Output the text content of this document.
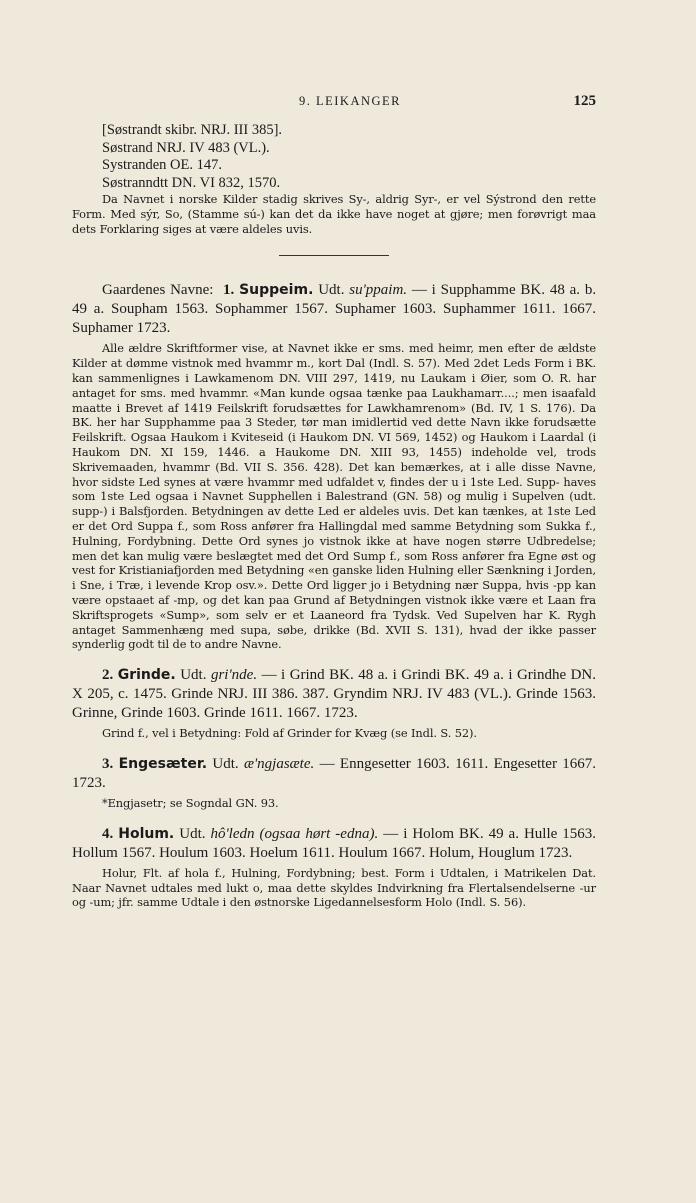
9. LEIKANGER	125
[Søstrandt skibr. NRJ. III 385].
Søstrand NRJ. IV 483 (VL.).
Systranden OE. 147.
Søstranndtt DN. VI 832, 1570.

Da Navnet i norske Kilder stadig skrives Sy-, aldrig Syr-, er vel Sýstrond den rette Form. Med sýr, So, (Stamme sú-) kan det da ikke have noget at gjøre; men forøvrigt maa dets Forklaring siges at være aldeles uvis.

Gaardenes Navne: 1. Suppeim. Udt. su'ppaim. — i Supphamme BK. 48 a. b. 49 a. Soupham 1563. Sophammer 1567. Suphamer 1603. Suphammer 1611. 1667. Suphamer 1723.

Alle ældre Skriftformer vise, at Navnet ikke er sms. med heimr, men efter de ældste Kilder at dømme vistnok med hvammr m., kort Dal (Indl. S. 57). Med 2det Leds Form i BK. kan sammenlignes i Lawkamenom DN. VIII 297, 1419, nu Laukam i Øier, som O. R. har antaget for sms. med hvammr. «Man kunde ogsaa tænke paa Laukhamarr....; men isaafald maatte i Brevet af 1419 Feilskrift forudsættes for Lawkhamrenom» (Bd. IV, 1 S. 176). Da BK. her har Supphamme paa 3 Steder, tør man imidlertid ved dette Navn ikke forudsætte Feilskrift. Ogsaa Haukom i Kviteseid (i Haukom DN. VI 569, 1452) og Haukom i Laardal (i Haukom DN. XI 159, 1446. a Haukome DN. XIII 93, 1455) indeholde vel, trods Skrivemaaden, hvammr (Bd. VII S. 356. 428). Det kan bemærkes, at i alle disse Navne, hvor sidste Led synes at være hvammr med udfaldet v, findes der u i 1ste Led. Supp- haves som 1ste Led ogsaa i Navnet Supphellen i Balestrand (GN. 58) og mulig i Supelven (udt. supp-) i Balsfjorden. Betydningen av dette Led er aldeles uvis. Det kan tænkes, at 1ste Led er det Ord Suppa f., som Ross anfører fra Hallingdal med samme Betydning som Sukka f., Hulning, Fordybning. Dette Ord synes jo vistnok ikke at have nogen større Udbredelse; men det kan mulig være beslægtet med det Ord Sump f., som Ross anfører fra Egne øst og vest for Kristianiafjorden med Betydning «en ganske liden Hulning eller Sænkning i Jorden, i Sne, i Træ, i levende Krop osv.». Dette Ord ligger jo i Betydning nær Suppa, hvis -pp kan være opstaaet af -mp, og det kan paa Grund af Betydningen vistnok ikke være et Laan fra Skriftsprogets «Sump», som selv er et Laaneord fra Tydsk. Ved Supelven har K. Rygh antaget Sammenhæng med supa, søbe, drikke (Bd. XVII S. 131), hvad der ikke passer synderlig godt til de to andre Navne.

2. Grinde. Udt. gri'nde. — i Grind BK. 48 a. i Grindi BK. 49 a. i Grindhe DN. X 205, c. 1475. Grinde NRJ. III 386. 387. Gryndim NRJ. IV 483 (VL.). Grinde 1563. Grinne, Grinde 1603. Grinde 1611. 1667. 1723.

Grind f., vel i Betydning: Fold af Grinder for Kvæg (se Indl. S. 52).

3. Engesæter. Udt. æ'ngjasæte. — Enngesetter 1603. 1611. Engesetter 1667. 1723.

*Engjasetr; se Sogndal GN. 93.

4. Holum. Udt. hô'ledn (ogsaa hørt -edna). — i Holom BK. 49 a. Hulle 1563. Hollum 1567. Houlum 1603. Hoelum 1611. Houlum 1667. Holum, Houglum 1723.

Holur, Flt. af hola f., Hulning, Fordybning; best. Form i Udtalen, i Matrikelen Dat. Naar Navnet udtales med lukt o, maa dette skyldes Indvirkning fra Flertalsendelserne -ur og -um; jfr. samme Udtale i den østnorske Ligedannelsesform Holo (Indl. S. 56).
